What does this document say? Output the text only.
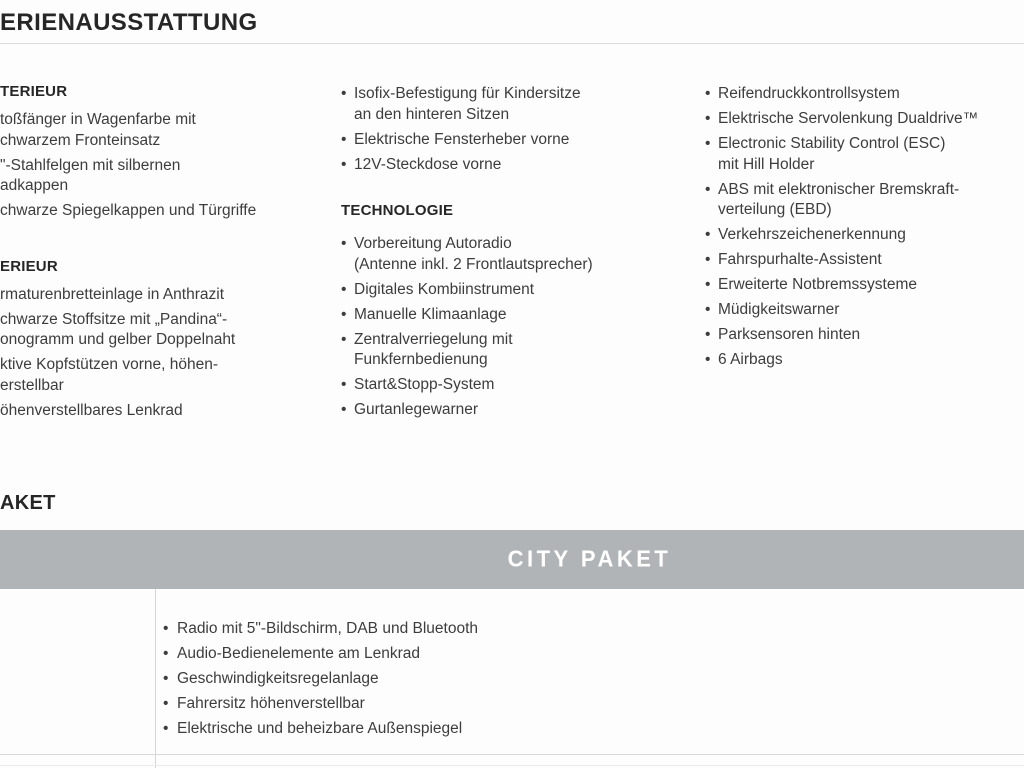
ERIENAUSSTATTUNG
TERIEUR
toßfänger in Wagenfarbe mit
chwarzem Fronteinsatz
"-Stahlfelgen mit silbernen
adkappen
chwarze Spiegelkappen und Türgriffe
ERIEUR
rmaturenbretteinlage in Anthrazit
chwarze Stoffsitze mit „Pandina“-
onogramm und gelber Doppelnaht
ktive Kopfstützen vorne, höhen-
erstellbar
öhenverstellbares Lenkrad
• Isofix-Befestigung für Kindersitze
an den hinteren Sitzen
• Elektrische Fensterheber vorne
• 12V-Steckdose vorne
TECHNOLOGIE
• Vorbereitung Autoradio
(Antenne inkl. 2 Frontlautsprecher)
• Digitales Kombiinstrument
• Manuelle Klimaanlage
• Zentralverriegelung mit
Funkfernbedienung
• Start&Stopp-System
• Gurtanlegewarner
• Reifendruckkontrollsystem
• Elektrische Servolenkung Dualdrive™
• Electronic Stability Control (ESC)
mit Hill Holder
• ABS mit elektronischer Bremskraft-
verteilung (EBD)
• Verkehrszeichenerkennung
• Fahrspurhalte-Assistent
• Erweiterte Notbremssysteme
• Müdigkeitswarner
• Parksensoren hinten
• 6 Airbags
AKET
CITY PAKET
• Radio mit 5"-Bildschirm, DAB und Bluetooth
• Audio-Bedienelemente am Lenkrad
• Geschwindigkeitsregelanlage
• Fahrersitz höhenverstellbar
• Elektrische und beheizbare Außenspiegel
